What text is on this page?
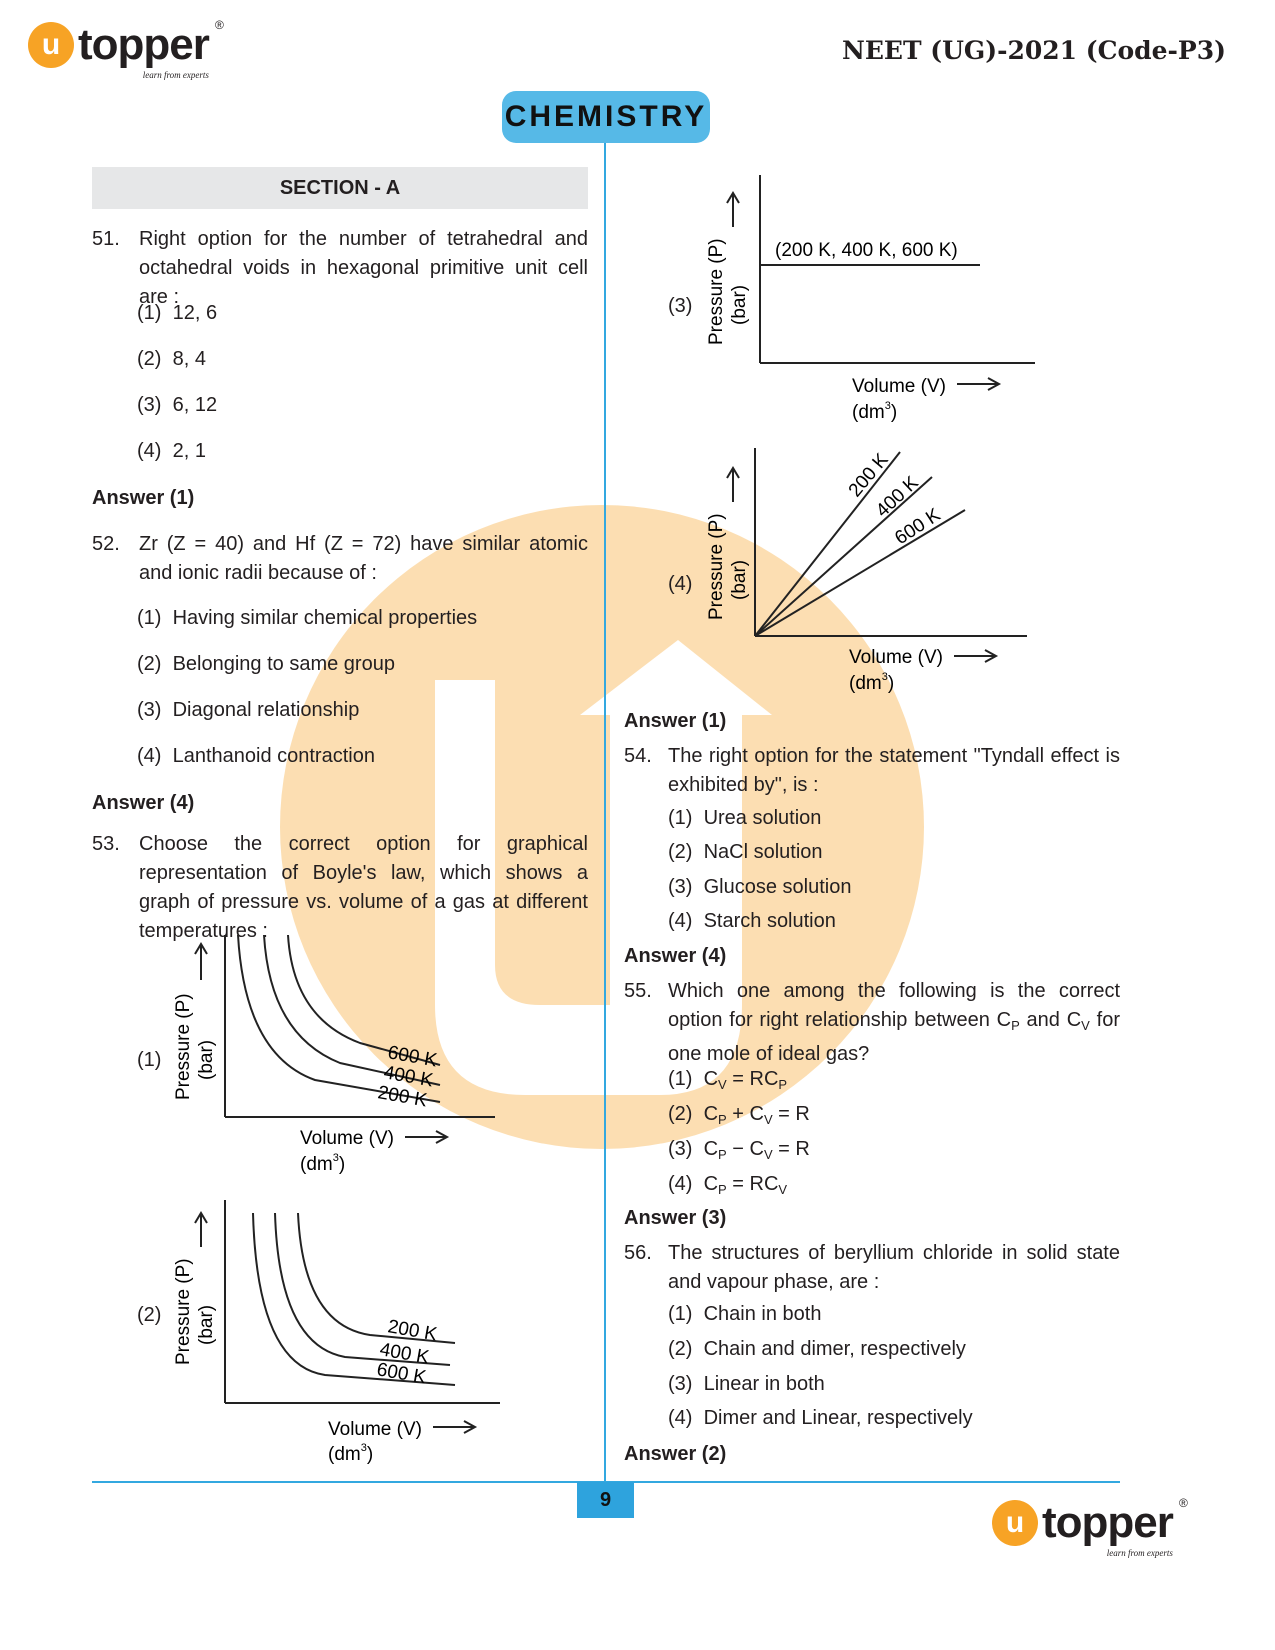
u topper ®
learn from experts
NEET (UG)-2021 (Code-P3)
CHEMISTRY
SECTION - A
51. Right option for the number of tetrahedral and octahedral voids in hexagonal primitive unit cell are :
(1) 12, 6
(2) 8, 4
(3) 6, 12
(4) 2, 1
Answer (1)
52. Zr (Z = 40) and Hf (Z = 72) have similar atomic and ionic radii because of :
(1) Having similar chemical properties
(2) Belonging to same group
(3) Diagonal relationship
(4) Lanthanoid contraction
Answer (4)
53. Choose the correct option for graphical representation of Boyle's law, which shows a graph of pressure vs. volume of a gas at different temperatures :
(1) Pressure (P) (bar)	600 K
400 K
200 K
Volume (V)
$(dm^3)$
(2) Pressure (P) (bar)	200 K
400 K
600 K
Volume (V)
$(dm^3)$
(3) Pressure (P) (bar)
(200 K, 400 K, 600 K)
Volume (V)
$(dm^3)$
(4) Pressure (P) (bar)
200 K
400 K
600 K
Volume (V)
$(dm^3)$
Answer (1)
54. The right option for the statement "Tyndall effect is exhibited by", is :
(1) Urea solution
(2) NaCl solution
(3) Glucose solution
(4) Starch solution
Answer (4)
55. Which one among the following is the correct option for right relationship between $C_P$ and $C_V$ for one mole of ideal gas?
(1) $C_V = RC_P$
(2) $C_P + C_V = R$
(3) $C_P - C_V = R$
(4) $C_P = RC_V$
Answer (3)
56. The structures of beryllium chloride in solid state and vapour phase, are :
(1) Chain in both
(2) Chain and dimer, respectively
(3) Linear in both
(4) Dimer and Linear, respectively
Answer (2)
9
u topper ®
learn from experts
